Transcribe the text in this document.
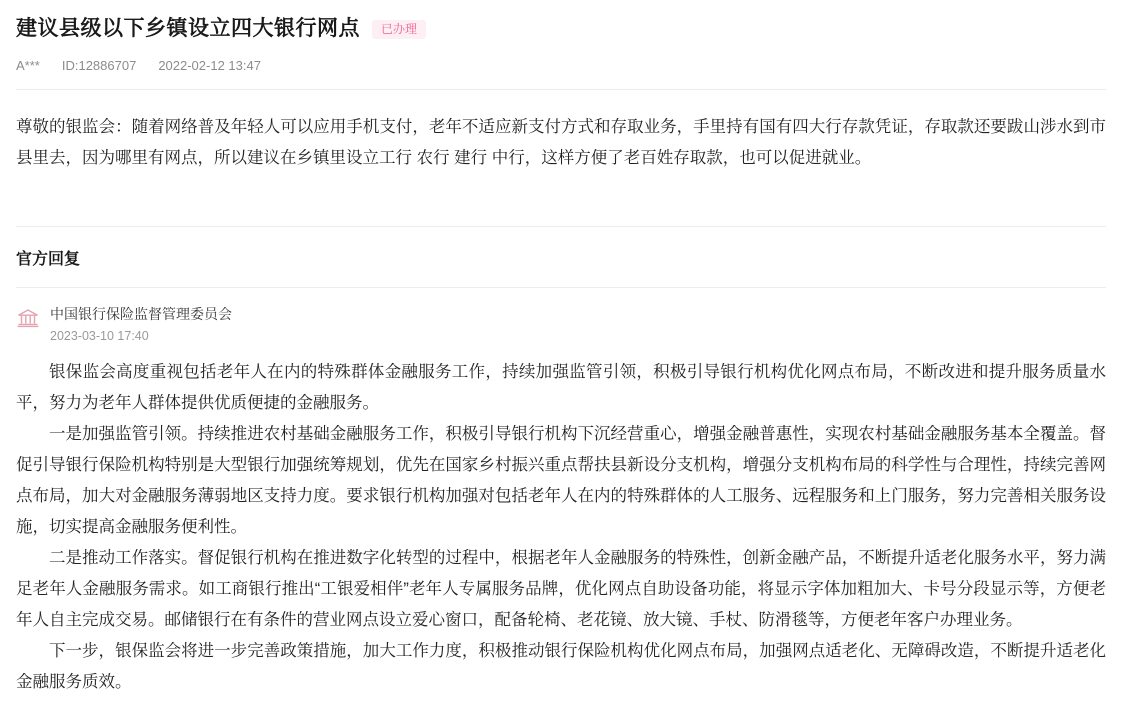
建议县级以下乡镇设立四大银行网点	已办理
A*** ID:12886707 2022-02-12 13:47
尊敬的银监会：随着网络普及年轻人可以应用手机支付，老年不适应新支付方式和存取业务，手里持有国有四大行存款凭证，存取款还要跋山涉水到市县里去，因为哪里有网点，所以建议在乡镇里设立工行 农行 建行 中行，这样方便了老百姓存取款，也可以促进就业。
官方回复
中国银行保险监督管理委员会
2023-03-10 17:40

银保监会高度重视包括老年人在内的特殊群体金融服务工作，持续加强监管引领，积极引导银行机构优化网点布局，不断改进和提升服务质量水平，努力为老年人群体提供优质便捷的金融服务。

一是加强监管引领。持续推进农村基础金融服务工作，积极引导银行机构下沉经营重心，增强金融普惠性，实现农村基础金融服务基本全覆盖。督促引导银行保险机构特别是大型银行加强统筹规划，优先在国家乡村振兴重点帮扶县新设分支机构，增强分支机构布局的科学性与合理性，持续完善网点布局，加大对金融服务薄弱地区支持力度。要求银行机构加强对包括老年人在内的特殊群体的人工服务、远程服务和上门服务，努力完善相关服务设施，切实提高金融服务便利性。

二是推动工作落实。督促银行机构在推进数字化转型的过程中，根据老年人金融服务的特殊性，创新金融产品，不断提升适老化服务水平，努力满足老年人金融服务需求。如工商银行推出“工银爱相伴”老年人专属服务品牌，优化网点自助设备功能，将显示字体加粗加大、卡号分段显示等，方便老年人自主完成交易。邮储银行在有条件的营业网点设立爱心窗口，配备轮椅、老花镜、放大镜、手杖、防滑毯等，方便老年客户办理业务。

下一步，银保监会将进一步完善政策措施，加大工作力度，积极推动银行保险机构优化网点布局，加强网点适老化、无障碍改造，不断提升适老化金融服务质效。
